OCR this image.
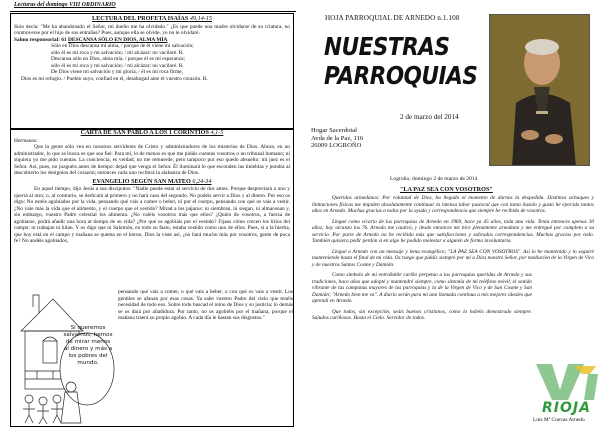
Lecturas del domingo VIII ORDINARIO
LECTURA DEL PROFETA ISAÍAS 49,14-15
Sión decía: "Me ha abandonado el Señor, mi dueño me ha olvidado." ¿Es que puede una madre olvidarse de su criatura, no conmoverse por el hijo de sus entrañas? Pues, aunque ella se olvide, yo no te olvidaré.
Salmo responsorial: 61 DESCANSA SÓLO EN DIOS, ALMA MÍA
Sólo en Dios descansa mi alma, / porque de él viene mi salvación;
sólo él es mi roca y mi salvación; / mi alcázar: no vacilaré. R.
Descansa sólo en Dios, alma mía, / porque él es mi esperanza;
sólo él es mi roca y mi salvación; / mi alcázar: no vacilaré. R.
De Dios viene mi salvación y mi gloria, / él es mi roca firme,
Dios es mi refugio. / Pueblo suyo, confiad en él, desahogad ante él vuestro corazón. R.
CARTA DE SAN PABLO A LOS 1 CORINTIOS 4,1-5
Hermanos:
Que la gente sólo vea en nosotros servidores de Cristo y administradores de los misterios de Dios. Ahora, en un administrador, lo que se busca es que sea fiel. Para mí, lo de menos es que me pidáis cuentas vosotros o un tribunal humano; ni siquiera yo me pido cuentas. La conciencia, es verdad, no me remuerde; pero tampoco por eso quedo absuelto: mi juez es el Señor. Así, pues, no juzguéis antes de tiempo: dejad que venga el Señor. Él iluminará lo que esconden las tinieblas y pondrá al descubierto los designios del corazón; entonces cada uno recibirá la alabanza de Dios.
EVANGELIO SEGÚN SAN MATEO 6,24-34
En aquel tiempo, dijo Jesús a sus discípulos: "Nadie puede estar al servicio de dos amos. Porque despreciará a uno y querrá al otro; o, al contrario, se dedicará al primero y no hará caso del segundo. No podéis servir a Dios y al dinero. Por eso os digo: No estéis agobiados por la vida, pensando qué vais a comer o beber, ni por el cuerpo, pensando con qué os vais a vestir. ¿No vale más la vida que el alimento, y el cuerpo que el vestido? Mirad a los pájaros: ni siembran, ni siegan, ni almacenan y, sin embargo, vuestro Padre celestial los alimenta. ¿No valéis vosotros más que ellos? ¿Quién de vosotros, a fuerza de agobiarse, podrá añadir una hora al tiempo de su vida? ¿Por qué os agobiáis por el vestido? Fijaos cómo crecen los lirios del campo: ni trabajan ni hilan. Y os digo que ni Salomón, en todo su fasto, estaba vestido como uno de ellos. Pues, si a la hierba, que hoy está en el campo y mañana se quema en el horno, Dios la viste así, ¿no hará mucho más por vosotros, gente de poca fe? No andéis agobiados,
pensando qué vais a comer, o qué vais a beber, o con qué os vais a vestir. Los gentiles se afanan por esas cosas. Ya sabe vuestro Padre del cielo que tenéis necesidad de todo eso. Sobre todo buscad el reino de Dios y su justicia; lo demás se os dará por añadidura. Por tanto, no os agobiéis por el mañana, porque el mañana traerá su propio agobio. A cada día le bastan sus disgustos."
Si queremos salvarnos, hemos de mirar menos al dinero y más a los pobres del mundo.
HOJA PARROQUIAL DE ARNEDO n.1.108
NUESTRAS
PARROQUIAS
2 de marzo del 2014
Hogar Sacerdotal
Avda de la Paz, 116
26009 LOGROÑO
Logroño, domingo 2 de marzo de 2014
"LA PAZ SEA CON VOSOTROS"

Queridos armedanos: Por voluntad de Dios, ha llegado el momento de darnos la despedida. Distintos achaques y limitaciones físicas me impiden absolutamente continuar la intensa labor pastoral que con tanta ilusión y gusto he ejercido tantos años en Arnedo. Muchas gracias a todos por la ayuda y correspondencia que siempre he recibido de vosotros.

Llegué como vicario de las parroquias de Arnedo en 1969, hace ya 45 años, toda una vida. Tenía entonces apenas 30 años; hoy alcanzo los 76. Arnedo me cautivó, y desde entonces me hice plenamente arnedano y me entregué por completo a su servicio. Por parte de Arnedo no he recibido más que satisfacciones y sobradas correspondencias. Muchas gracias por todo. También quisiera pedir perdón si en algo he podido molestar a alguien de forma involuntaria.

Llegué a Arnedo con un mensaje y lema evangélico; "LA PAZ SEA CON VOSOTROS". Así lo he mantenido y lo seguiré manteniendo hasta el final de mi vida. Os ruego que pidáis siempre por mí a Dios nuestro Señor, por mediación de la Virgen de Vico y de nuestros Santos Cosme y Damián.

Como símbolo de mi entrañable cariño perpetuo a las parroquias queridas de Arnedo y sus tradiciones, hace años que adopté y mantendré siempre, como sintonía de mi teléfono móvil, el sonido vibrante de las campanas mayores de las parroquias y la de la Virgen de Vico y de San Cosme y San Damián; "Arnedo bien me va". A diario serán para mí una llamada continua a mis mejores ideales que aprendí en Arnedo.

Que todos, sin excepción, seáis buenos cristianos, como lo habéis demostrado siempre. Saludos cariñosos. Hasta el Cielo. Servidor de todos.

RIOJA
Luis Mª Cuevas Arnedo
